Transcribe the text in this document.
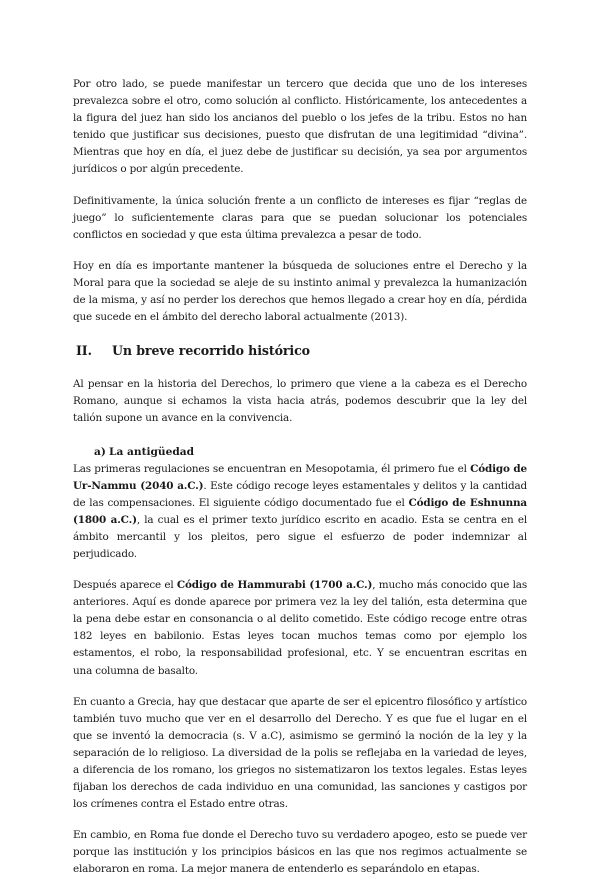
Por otro lado, se puede manifestar un tercero que decida que uno de los intereses prevalezca sobre el otro, como solución al conflicto. Históricamente, los antecedentes a la figura del juez han sido los ancianos del pueblo o los jefes de la tribu. Estos no han tenido que justificar sus decisiones, puesto que disfrutan de una legitimidad “divina”. Mientras que hoy en día, el juez debe de justificar su decisión, ya sea por argumentos jurídicos o por algún precedente.

Definitivamente, la única solución frente a un conflicto de intereses es fijar “reglas de juego” lo suficientemente claras para que se puedan solucionar los potenciales conflictos en sociedad y que esta última prevalezca a pesar de todo.

Hoy en día es importante mantener la búsqueda de soluciones entre el Derecho y la Moral para que la sociedad se aleje de su instinto animal y prevalezca la humanización de la misma, y así no perder los derechos que hemos llegado a crear hoy en día, pérdida que sucede en el ámbito del derecho laboral actualmente (2013).

II. Un breve recorrido histórico

Al pensar en la historia del Derechos, lo primero que viene a la cabeza es el Derecho Romano, aunque si echamos la vista hacia atrás, podemos descubrir que la ley del talión supone un avance en la convivencia.

a) La antigüedad

Las primeras regulaciones se encuentran en Mesopotamia, él primero fue el Código de Ur-Nammu (2040 a.C.). Este código recoge leyes estamentales y delitos y la cantidad de las compensaciones. El siguiente código documentado fue el Código de Eshnunna (1800 a.C.), la cual es el primer texto jurídico escrito en acadio. Esta se centra en el ámbito mercantil y los pleitos, pero sigue el esfuerzo de poder indemnizar al perjudicado.

Después aparece el Código de Hammurabi (1700 a.C.), mucho más conocido que las anteriores. Aquí es donde aparece por primera vez la ley del talión, esta determina que la pena debe estar en consonancia o al delito cometido. Este código recoge entre otras 182 leyes en babilonio. Estas leyes tocan muchos temas como por ejemplo los estamentos, el robo, la responsabilidad profesional, etc. Y se encuentran escritas en una columna de basalto.

En cuanto a Grecia, hay que destacar que aparte de ser el epicentro filosófico y artístico también tuvo mucho que ver en el desarrollo del Derecho. Y es que fue el lugar en el que se inventó la democracia (s. V a.C), asimismo se germinó la noción de la ley y la separación de lo religioso. La diversidad de la polis se reflejaba en la variedad de leyes, a diferencia de los romano, los griegos no sistematizaron los textos legales. Estas leyes fijaban los derechos de cada individuo en una comunidad, las sanciones y castigos por los crímenes contra el Estado entre otras.

En cambio, en Roma fue donde el Derecho tuvo su verdadero apogeo, esto se puede ver porque las institución y los principios básicos en las que nos regimos actualmente se elaboraron en roma. La mejor manera de entenderlo es separándolo en etapas.
